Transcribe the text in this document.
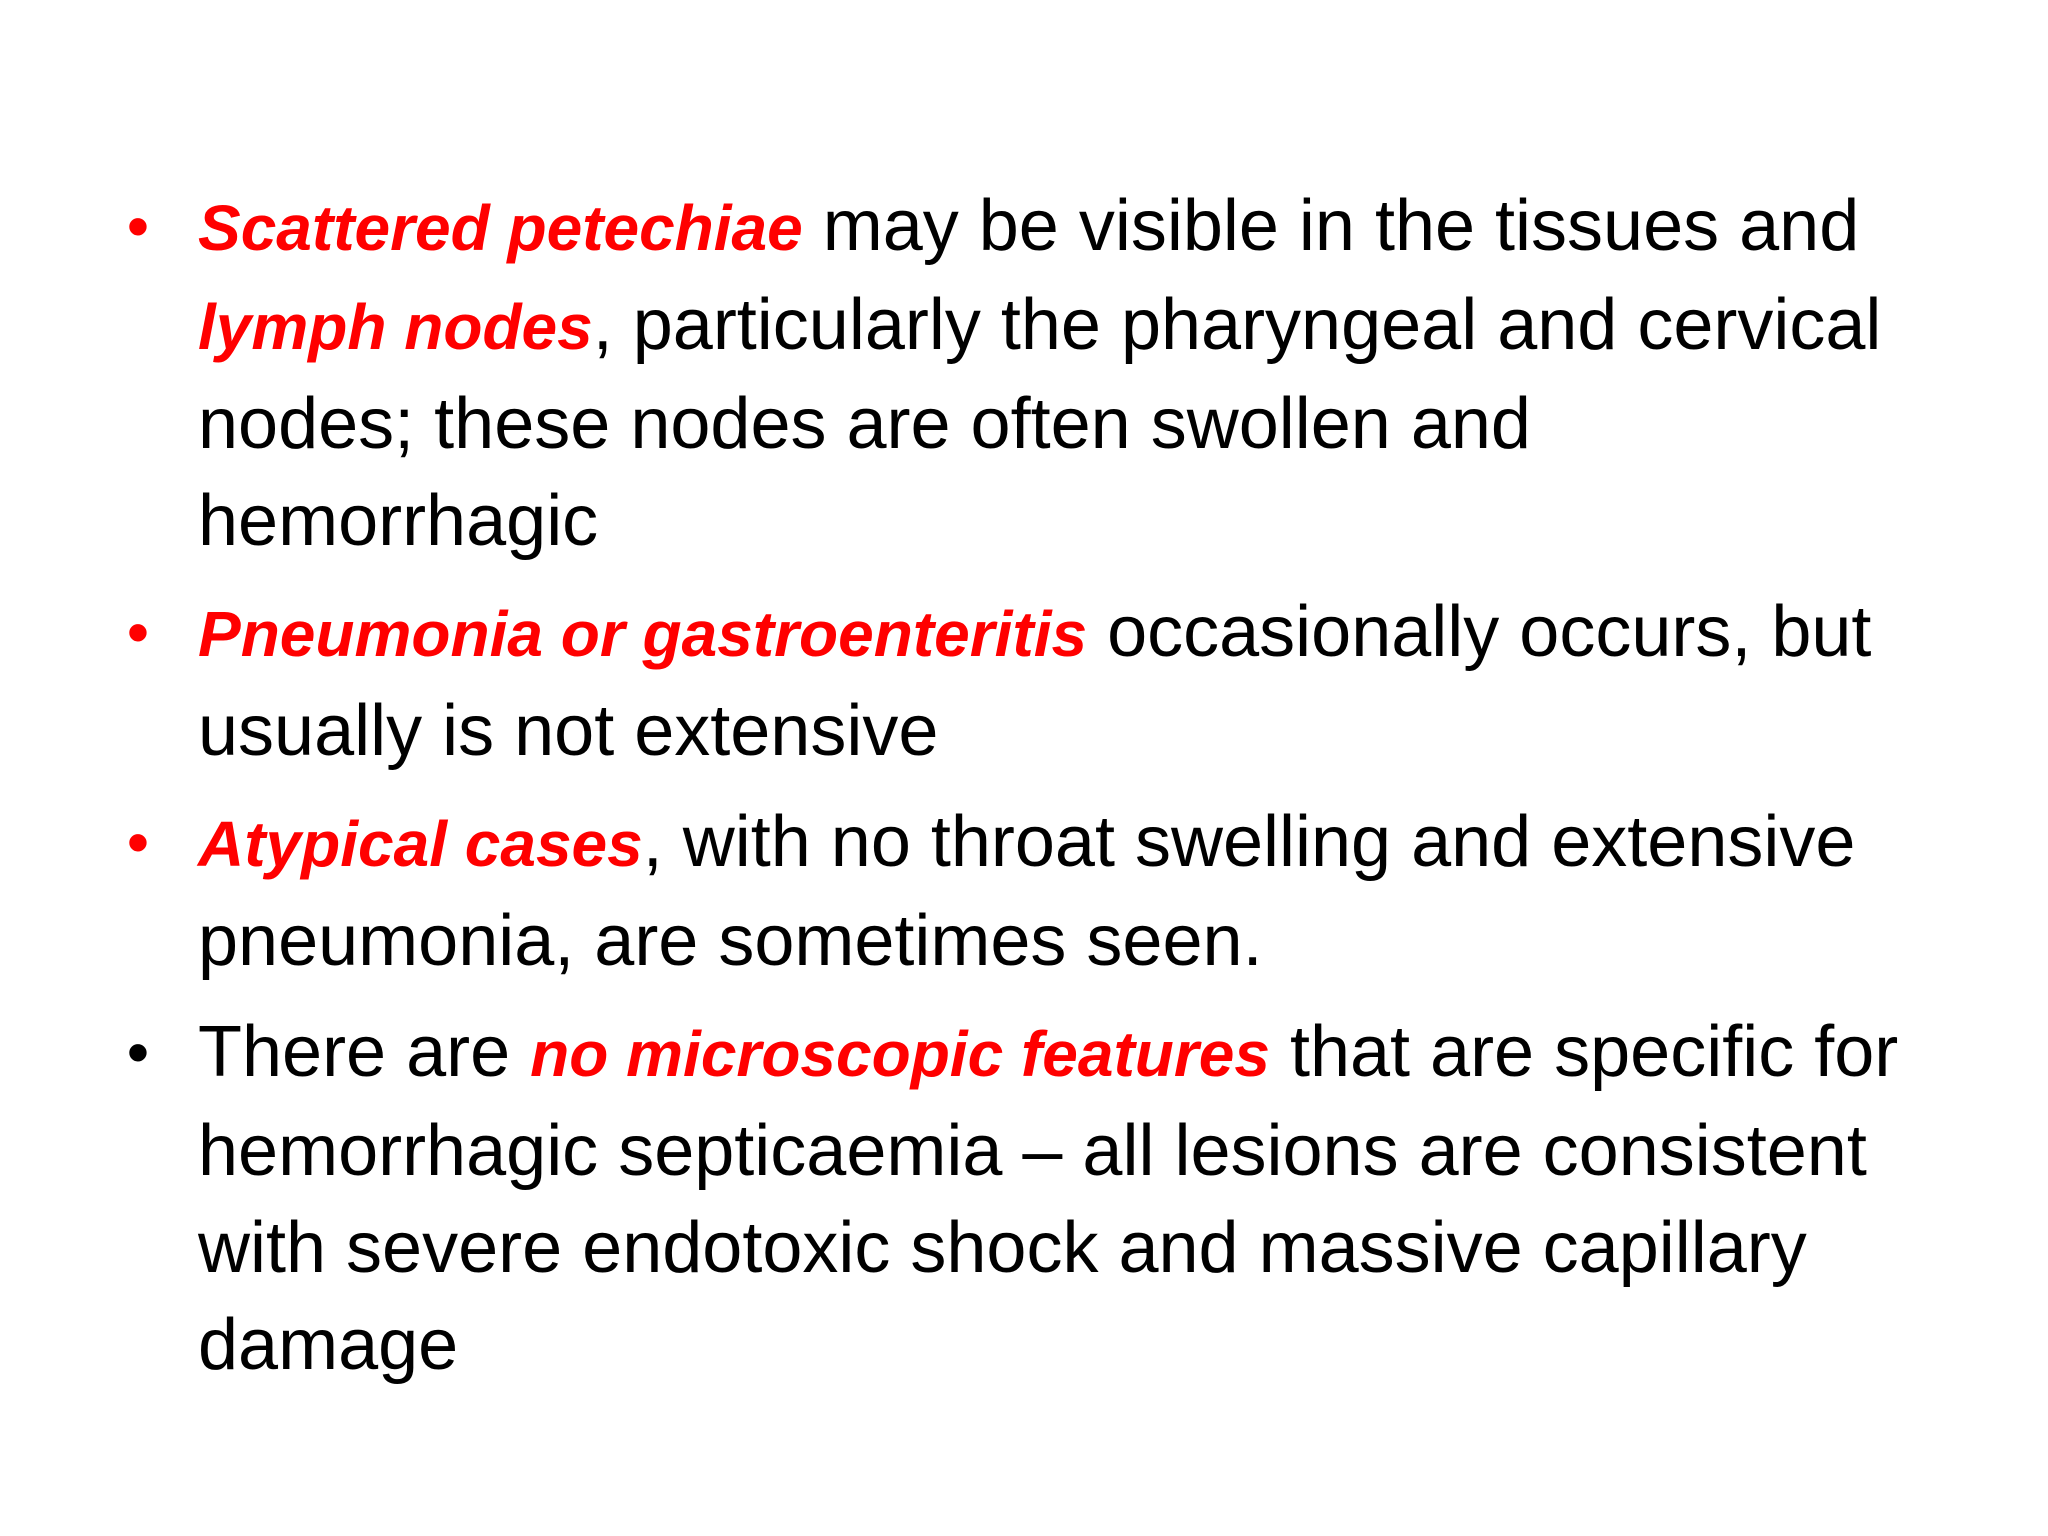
• Scattered petechiae may be visible in the tissues and lymph nodes, particularly the pharyngeal and cervical nodes; these nodes are often swollen and hemorrhagic
• Pneumonia or gastroenteritis occasionally occurs, but usually is not extensive
• Atypical cases, with no throat swelling and extensive pneumonia, are sometimes seen.
• There are no microscopic features that are specific for hemorrhagic septicaemia – all lesions are consistent with severe endotoxic shock and massive capillary damage
